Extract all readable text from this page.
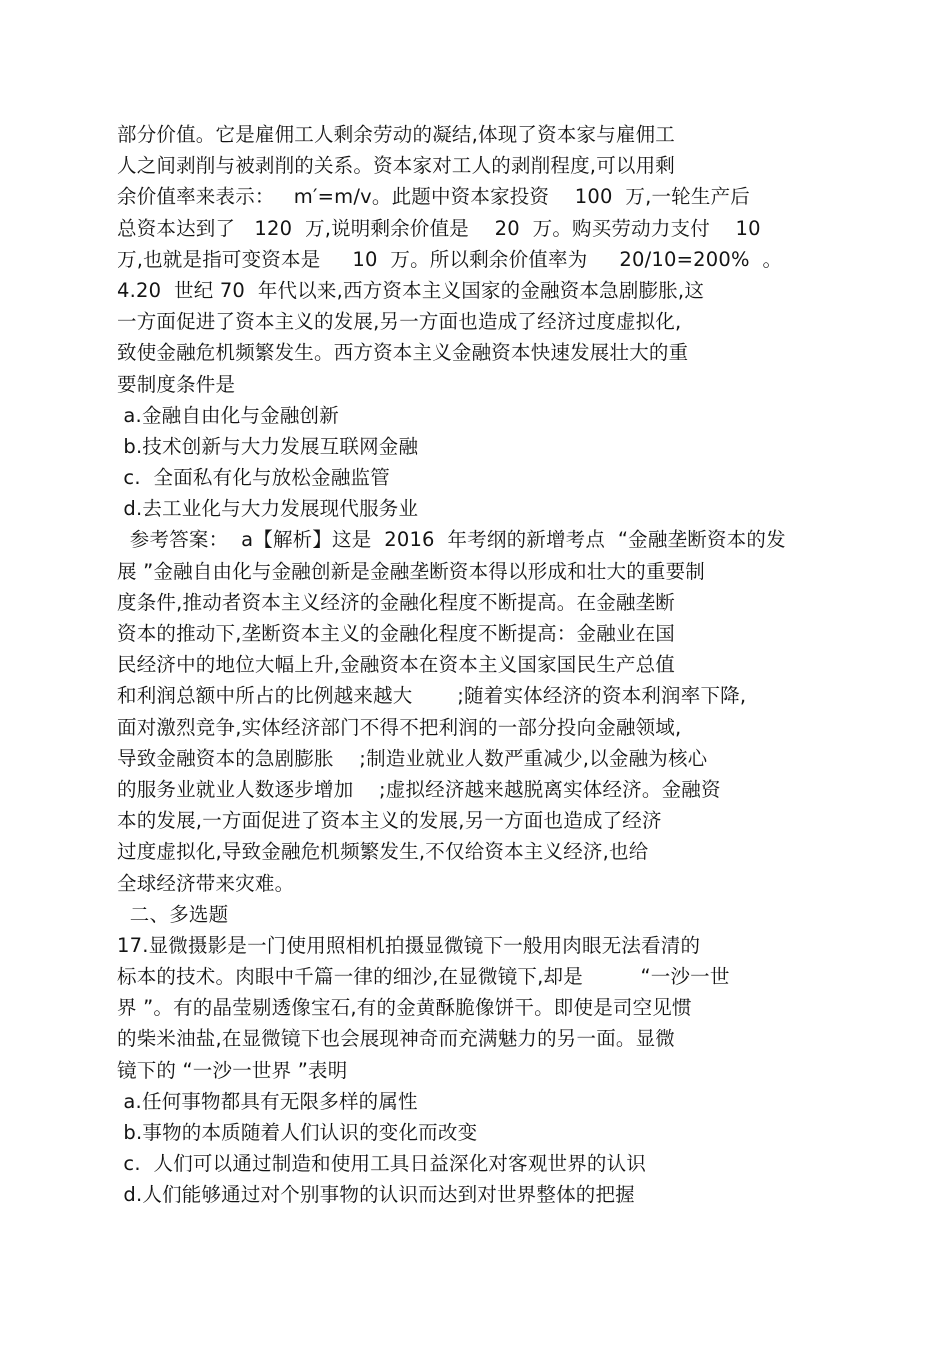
部分价值。它是雇佣工人剩余劳动的凝结,体现了资本家与雇佣工
人之间剥削与被剥削的关系。资本家对工人的剥削程度,可以用剩
余价值率来表示：   m′=m/v。此题中资本家投资    100  万,一轮生产后
总资本达到了   120  万,说明剩余价值是    20  万。购买劳动力支付    10
万,也就是指可变资本是     10  万。所以剩余价值率为     20/10=200%  。
4.20  世纪 70  年代以来,西方资本主义国家的金融资本急剧膨胀,这
一方面促进了资本主义的发展,另一方面也造成了经济过度虚拟化,
致使金融危机频繁发生。西方资本主义金融资本快速发展壮大的重
要制度条件是
a.金融自由化与金融创新
b.技术创新与大力发展互联网金融
c.  全面私有化与放松金融监管
d.去工业化与大力发展现代服务业
参考答案：  a【解析】这是  2016  年考纲的新增考点  “金融垄断资本的发
展 ”金融自由化与金融创新是金融垄断资本得以形成和壮大的重要制
度条件,推动者资本主义经济的金融化程度不断提高。在金融垄断
资本的推动下,垄断资本主义的金融化程度不断提高：金融业在国
民经济中的地位大幅上升,金融资本在资本主义国家国民生产总值
和利润总额中所占的比例越来越大       ;随着实体经济的资本利润率下降,
面对激烈竞争,实体经济部门不得不把利润的一部分投向金融领域,
导致金融资本的急剧膨胀    ;制造业就业人数严重减少,以金融为核心
的服务业就业人数逐步增加    ;虚拟经济越来越脱离实体经济。金融资
本的发展,一方面促进了资本主义的发展,另一方面也造成了经济
过度虚拟化,导致金融危机频繁发生,不仅给资本主义经济,也给
全球经济带来灾难。
二、多选题
17.显微摄影是一门使用照相机拍摄显微镜下一般用肉眼无法看清的
标本的技术。肉眼中千篇一律的细沙,在显微镜下,却是         “一沙一世
界 ”。有的晶莹剔透像宝石,有的金黄酥脆像饼干。即使是司空见惯
的柴米油盐,在显微镜下也会展现神奇而充满魅力的另一面。显微
镜下的 “一沙一世界 ”表明
a.任何事物都具有无限多样的属性
b.事物的本质随着人们认识的变化而改变
c.  人们可以通过制造和使用工具日益深化对客观世界的认识
d.人们能够通过对个别事物的认识而达到对世界整体的把握
